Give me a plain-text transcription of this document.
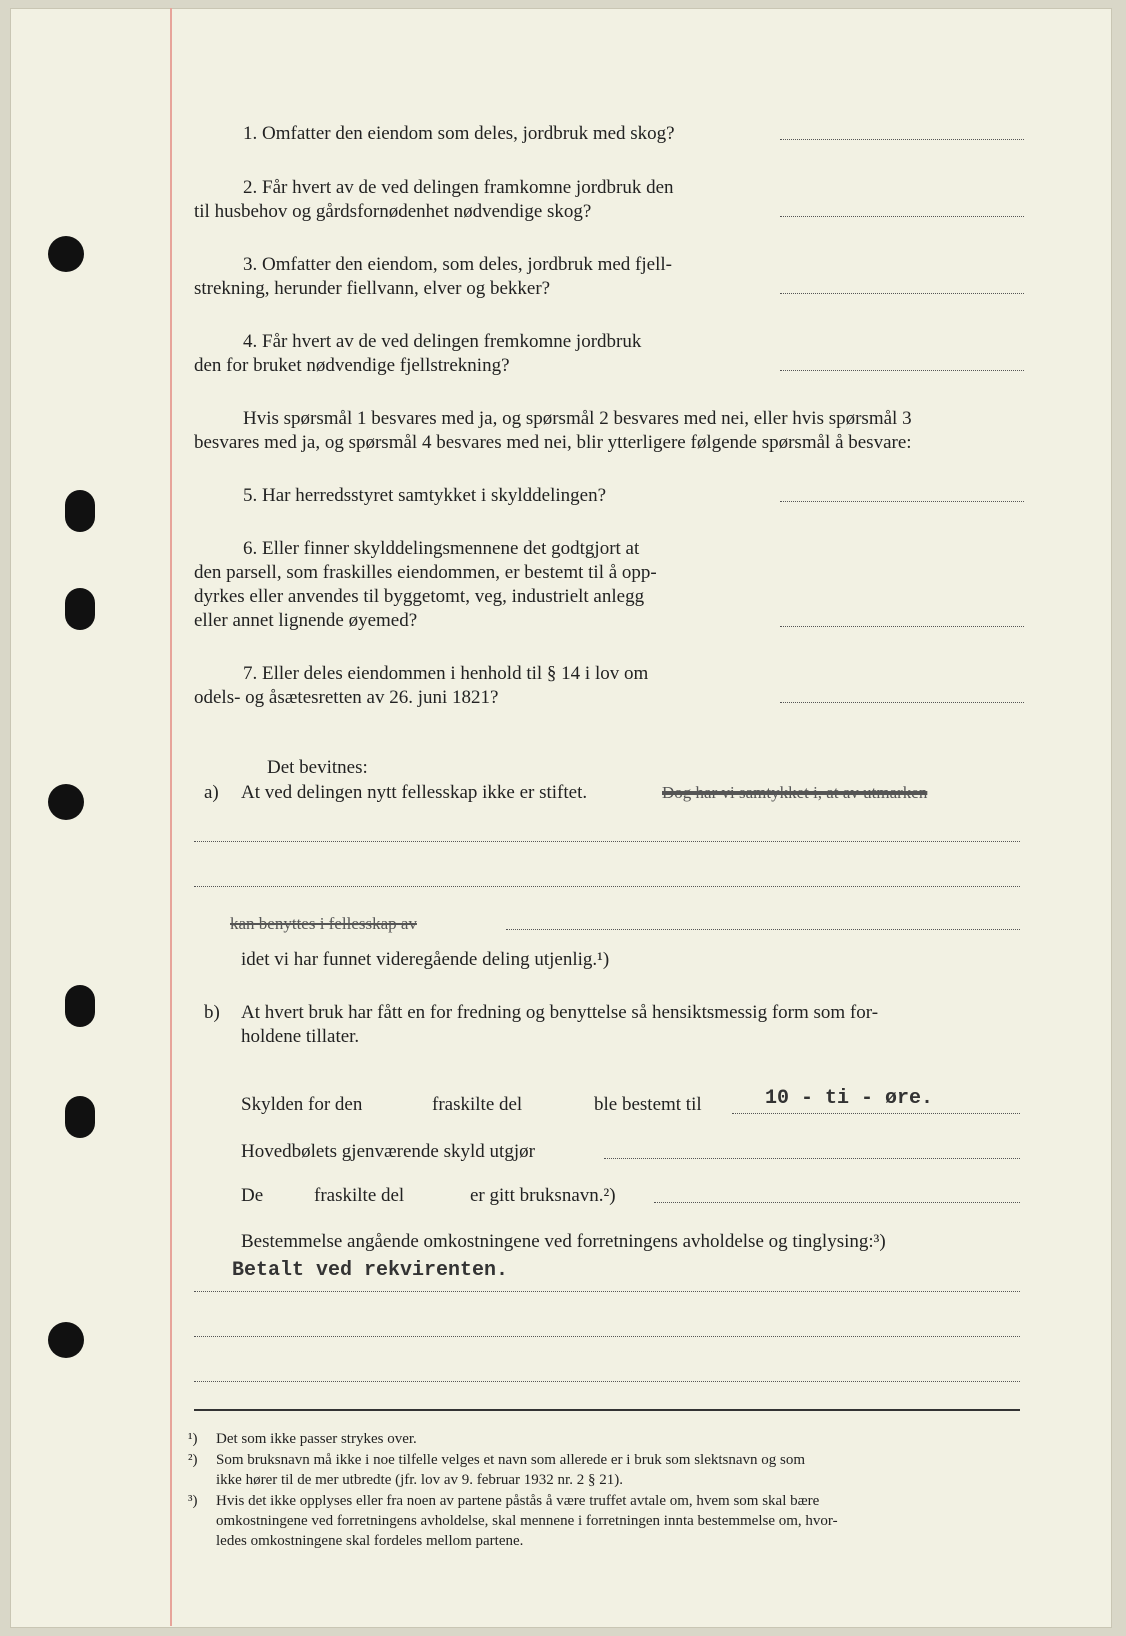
1. Omfatter den eiendom som deles, jordbruk med skog?
2. Får hvert av de ved delingen framkomne jordbruk den
til husbehov og gårdsfornødenhet nødvendige skog?
3. Omfatter den eiendom, som deles, jordbruk med fjell-
strekning, herunder fiellvann, elver og bekker?
4. Får hvert av de ved delingen fremkomne jordbruk
den for bruket nødvendige fjellstrekning?
Hvis spørsmål 1 besvares med ja, og spørsmål 2 besvares med nei, eller hvis spørsmål 3
besvares med ja, og spørsmål 4 besvares med nei, blir ytterligere følgende spørsmål å besvare:
5. Har herredsstyret samtykket i skylddelingen?
6. Eller finner skylddelingsmennene det godtgjort at
den parsell, som fraskilles eiendommen, er bestemt til å opp-
dyrkes eller anvendes til byggetomt, veg, industrielt anlegg
eller annet lignende øyemed?
7. Eller deles eiendommen i henhold til § 14 i lov om
odels- og åsætesretten av 26. juni 1821?
Det bevitnes:
a) At ved delingen nytt fellesskap ikke er stiftet.	Dog har vi samtykket i, at av utmarken
kan benyttes i fellesskap av
idet vi har funnet videregående deling utjenlig.¹)
b) At hvert bruk har fått en for fredning og benyttelse så hensiktsmessig form som for-
holdene tillater.
Skylden for den	fraskilte del	ble bestemt til	10 - ti - øre.
Hovedbølets gjenværende skyld utgjør
De	fraskilte del	er gitt bruksnavn.²)
Bestemmelse angående omkostningene ved forretningens avholdelse og tinglysing:³)
Betalt ved rekvirenten.
¹) Det som ikke passer strykes over.
²) Som bruksnavn må ikke i noe tilfelle velges et navn som allerede er i bruk som slektsnavn og som
ikke hører til de mer utbredte (jfr. lov av 9. februar 1932 nr. 2 § 21).
³) Hvis det ikke opplyses eller fra noen av partene påstås å være truffet avtale om, hvem som skal bære
omkostningene ved forretningens avholdelse, skal mennene i forretningen innta bestemmelse om, hvor-
ledes omkostningene skal fordeles mellom partene.
